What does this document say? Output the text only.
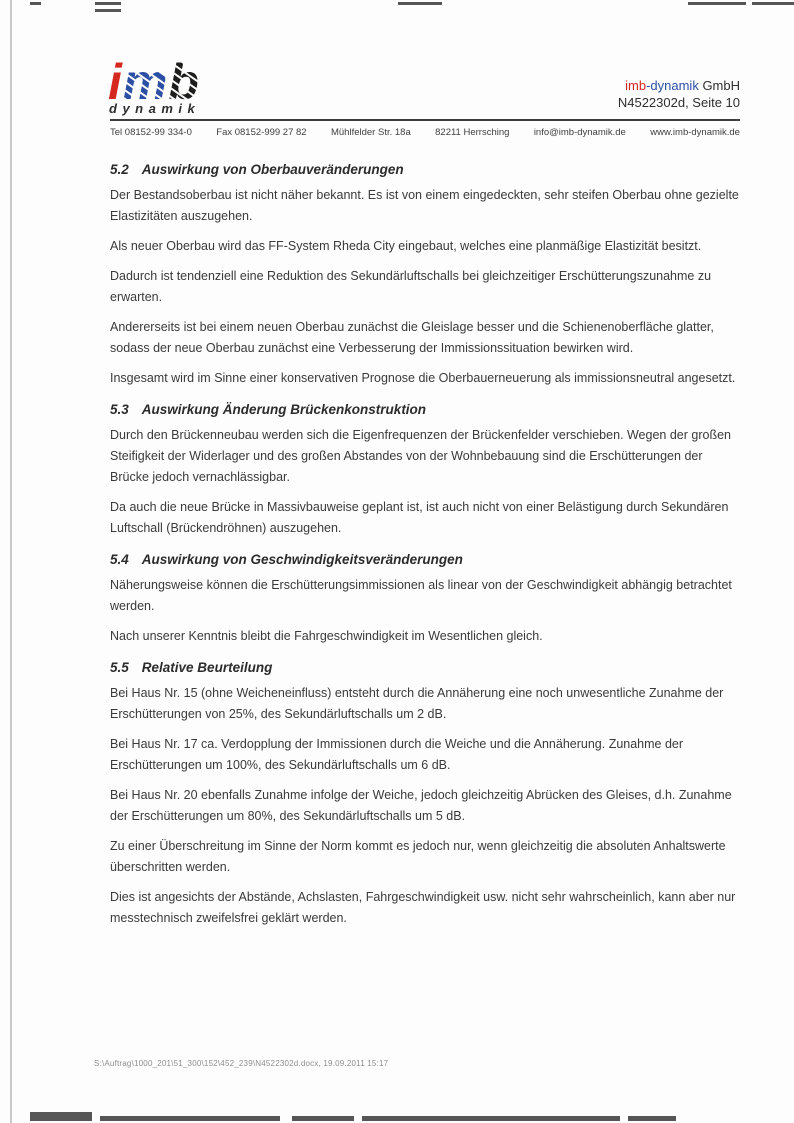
imb
dynamik
imb-dynamik GmbH
N4522302d, Seite 10
Tel 08152-99 334-0	Fax 08152-999 27 82	Mühlfelder Str. 18a	82211 Herrsching	info@imb-dynamik.de	www.imb-dynamik.de
5.2 Auswirkung von Oberbauveränderungen

Der Bestandsoberbau ist nicht näher bekannt. Es ist von einem eingedeckten, sehr steifen Oberbau ohne gezielte Elastizitäten auszugehen.

Als neuer Oberbau wird das FF-System Rheda City eingebaut, welches eine planmäßige Elastizität besitzt.

Dadurch ist tendenziell eine Reduktion des Sekundärluftschalls bei gleichzeitiger Erschütterungszunahme zu erwarten.

Andererseits ist bei einem neuen Oberbau zunächst die Gleislage besser und die Schienenoberfläche glatter, sodass der neue Oberbau zunächst eine Verbesserung der Immissionssituation bewirken wird.

Insgesamt wird im Sinne einer konservativen Prognose die Oberbauerneuerung als immissionsneutral angesetzt.

5.3 Auswirkung Änderung Brückenkonstruktion

Durch den Brückenneubau werden sich die Eigenfrequenzen der Brückenfelder verschieben. Wegen der großen Steifigkeit der Widerlager und des großen Abstandes von der Wohnbebauung sind die Erschütterungen der Brücke jedoch vernachlässigbar.

Da auch die neue Brücke in Massivbauweise geplant ist, ist auch nicht von einer Belästigung durch Sekundären Luftschall (Brückendröhnen) auszugehen.

5.4 Auswirkung von Geschwindigkeitsveränderungen

Näherungsweise können die Erschütterungsimmissionen als linear von der Geschwindigkeit abhängig betrachtet werden.

Nach unserer Kenntnis bleibt die Fahrgeschwindigkeit im Wesentlichen gleich.

5.5 Relative Beurteilung

Bei Haus Nr. 15 (ohne Weicheneinfluss) entsteht durch die Annäherung eine noch unwesentliche Zunahme der Erschütterungen von 25%, des Sekundärluftschalls um 2 dB.

Bei Haus Nr. 17 ca. Verdopplung der Immissionen durch die Weiche und die Annäherung. Zunahme der Erschütterungen um 100%, des Sekundärluftschalls um 6 dB.

Bei Haus Nr. 20 ebenfalls Zunahme infolge der Weiche, jedoch gleichzeitig Abrücken des Gleises, d.h. Zunahme der Erschütterungen um 80%, des Sekundärluftschalls um 5 dB.

Zu einer Überschreitung im Sinne der Norm kommt es jedoch nur, wenn gleichzeitig die absoluten Anhaltswerte überschritten werden.

Dies ist angesichts der Abstände, Achslasten, Fahrgeschwindigkeit usw. nicht sehr wahrscheinlich, kann aber nur messtechnisch zweifelsfrei geklärt werden.

S:\Auftrag\1000_201\51_300\152\452_239\N4522302d.docx, 19.09.2011 15:17
